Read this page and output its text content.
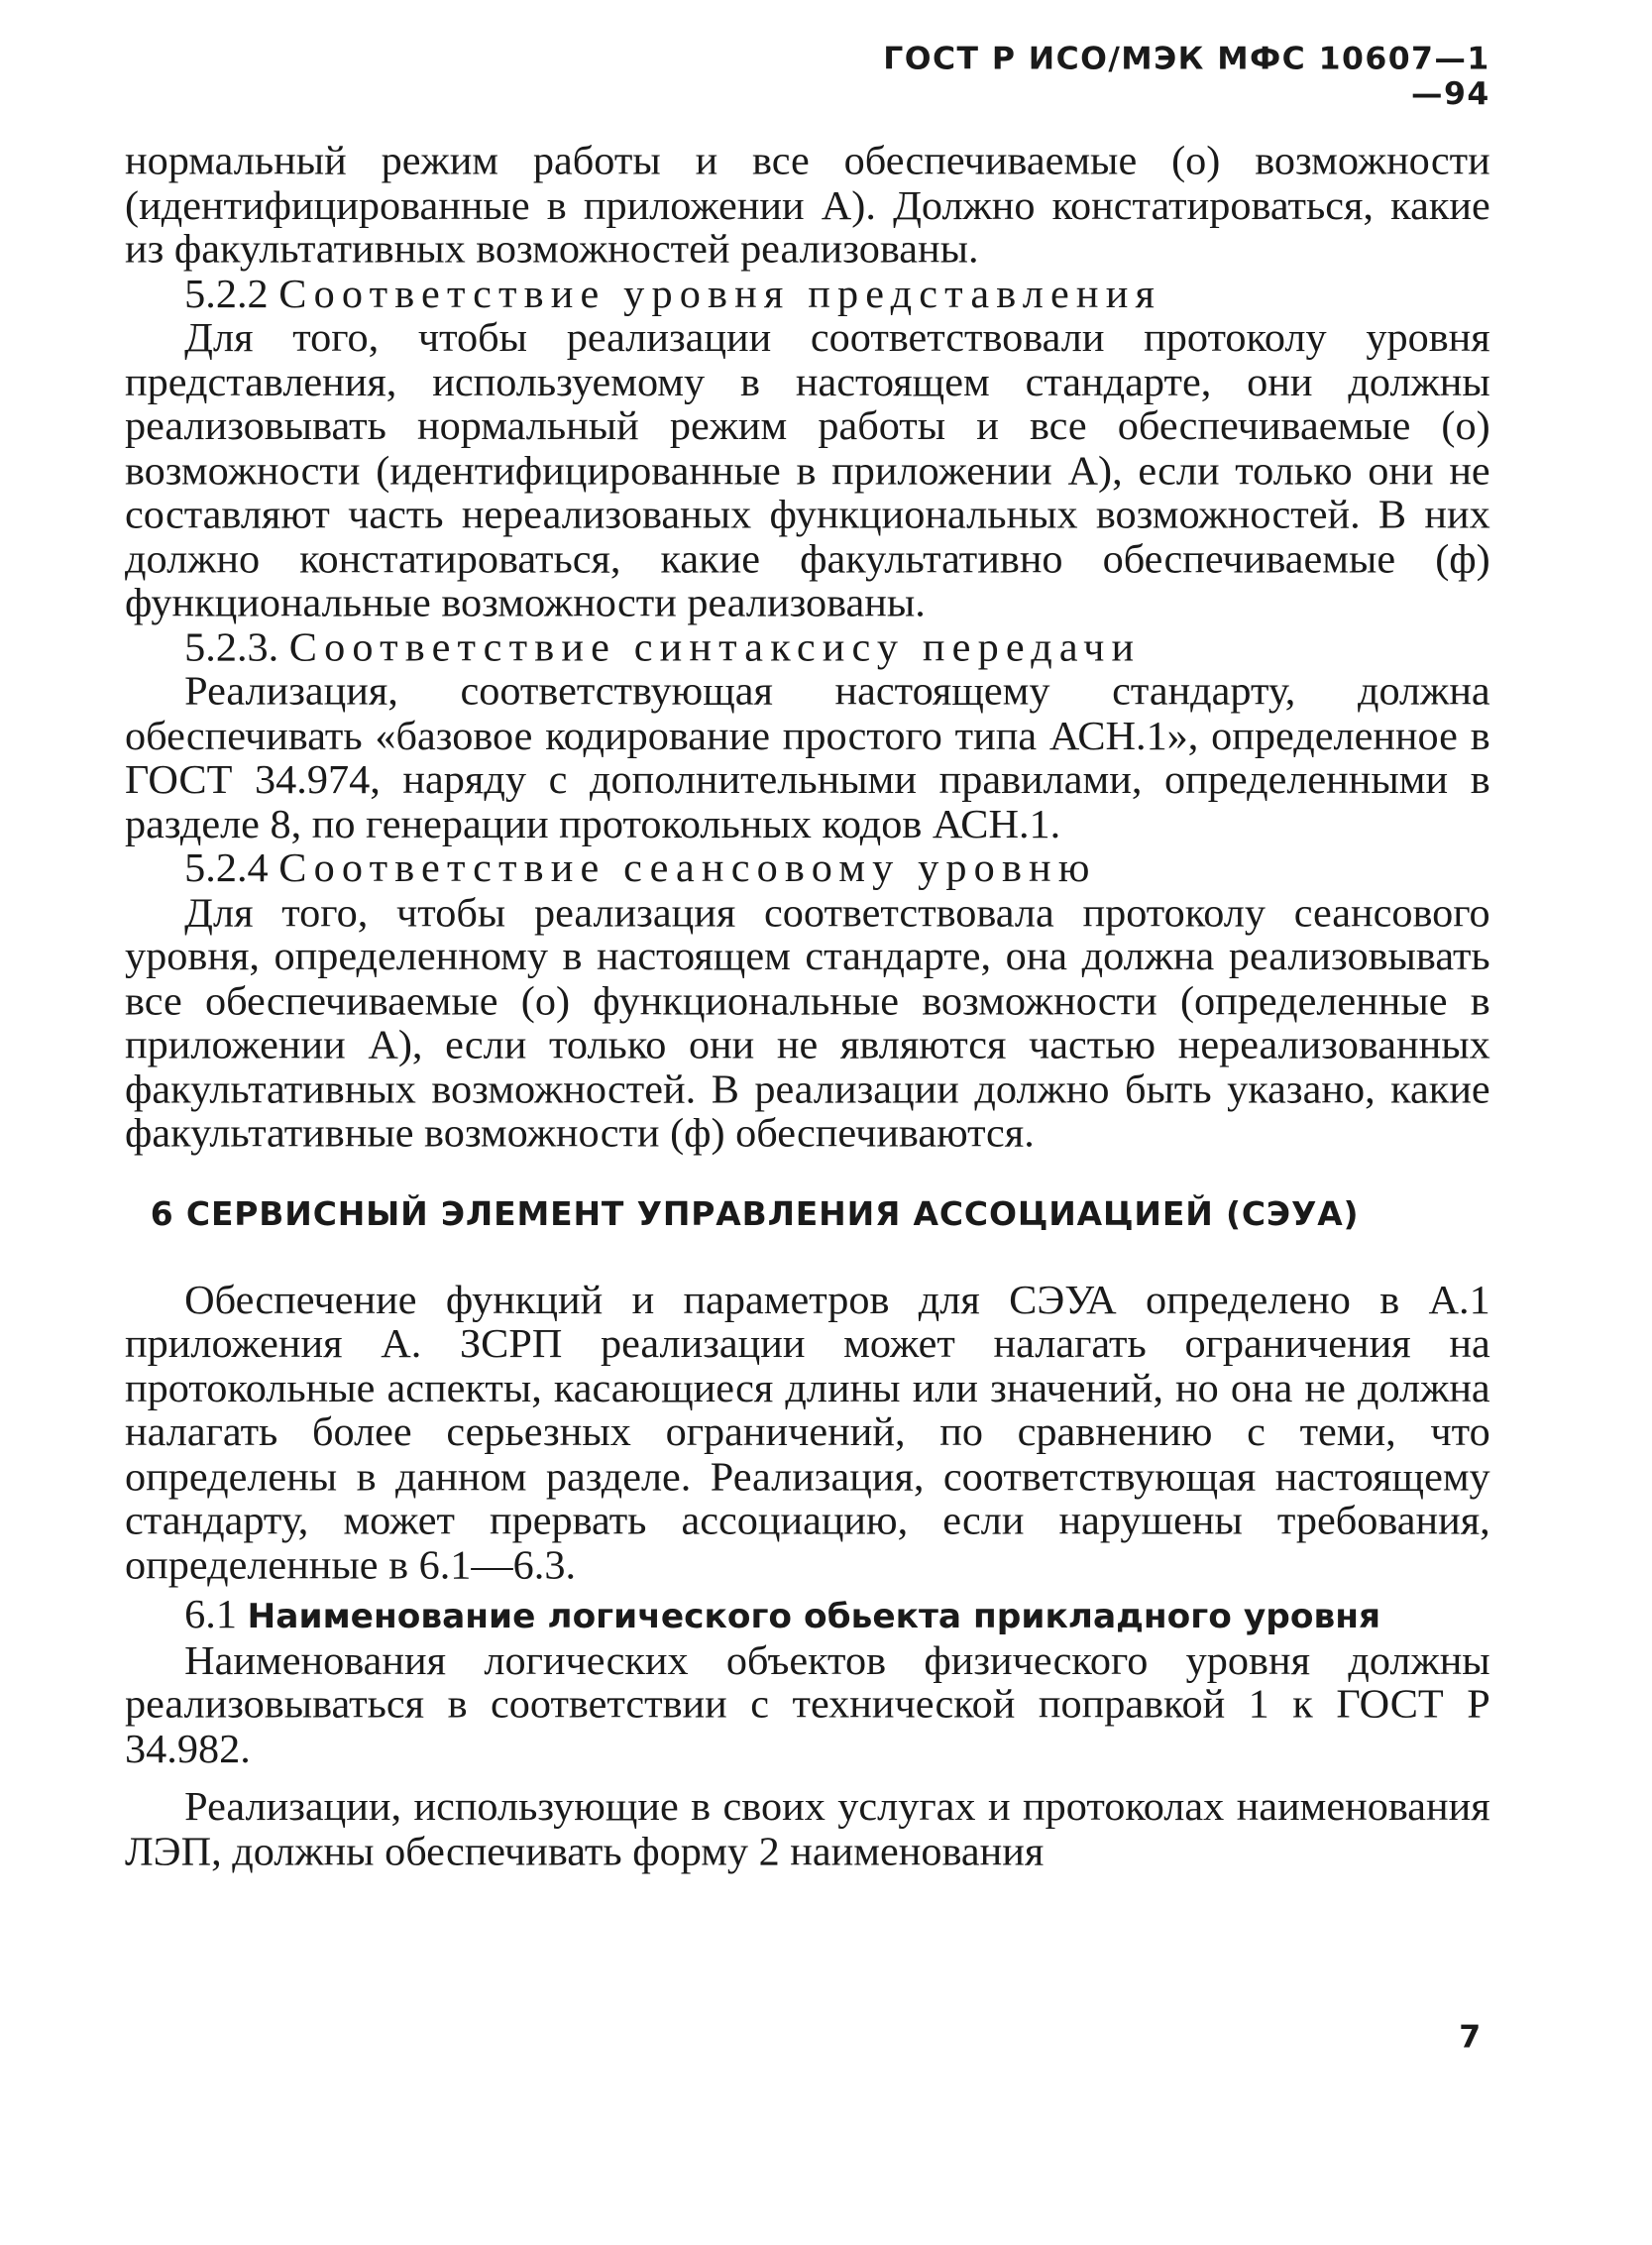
ГОСТ Р ИСО/МЭК МФС 10607—1—94

нормальный режим работы и все обеспечиваемые (о) возможности (идентифицированные в приложении А). Должно констатироваться, какие из факультативных возможностей реализованы.

5.2.2 Соответствие уровня представления

Для того, чтобы реализации соответствовали протоколу уровня представления, используемому в настоящем стандарте, они должны реализовывать нормальный режим работы и все обеспечиваемые (о) возможности (идентифицированные в приложении А), если только они не составляют часть нереализованых функциональных возможностей. В них должно констатироваться, какие факультативно обеспечиваемые (ф) функциональные возможности реализованы.

5.2.3. Соответствие синтаксису передачи

Реализация, соответствующая настоящему стандарту, должна обеспечивать «базовое кодирование простого типа АСН.1», определенное в ГОСТ 34.974, наряду с дополнительными правилами, определенными в разделе 8, по генерации протокольных кодов АСН.1.

5.2.4 Соответствие сеансовому уровню

Для того, чтобы реализация соответствовала протоколу сеансового уровня, определенному в настоящем стандарте, она должна реализовывать все обеспечиваемые (о) функциональные возможности (определенные в приложении А), если только они не являются частью нереализованных факультативных возможностей. В реализации должно быть указано, какие факультативные возможности (ф) обеспечиваются.

6 СЕРВИСНЫЙ ЭЛЕМЕНТ УПРАВЛЕНИЯ АССОЦИАЦИЕЙ (СЭУА)

Обеспечение функций и параметров для СЭУА определено в А.1 приложения А. ЗСРП реализации может налагать ограничения на протокольные аспекты, касающиеся длины или значений, но она не должна налагать более серьезных ограничений, по сравнению с теми, что определены в данном разделе. Реализация, соответствующая настоящему стандарту, может прервать ассоциацию, если нарушены требования, определенные в 6.1—6.3.

6.1 Наименование логического обьекта прикладного уровня

Наименования логических объектов физического уровня должны реализовываться в соответствии с технической поправкой 1 к ГОСТ Р 34.982.

Реализации, использующие в своих услугах и протоколах наименования ЛЭП, должны обеспечивать форму 2 наименования

7
